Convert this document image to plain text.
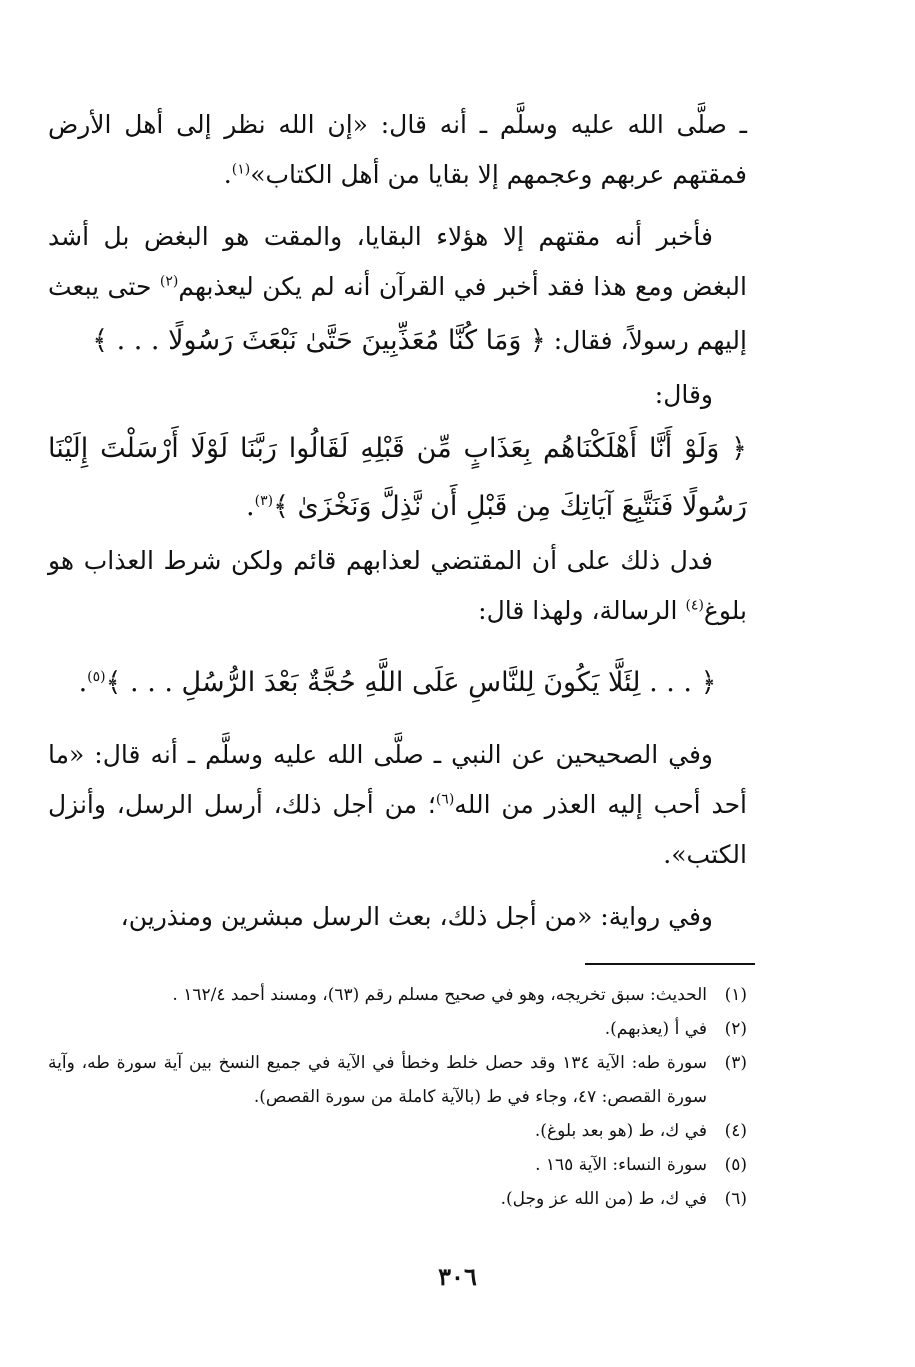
ـ صلَّى الله عليه وسلَّم ـ أنه قال: «إن الله نظر إلى أهل الأرض فمقتهم عربهم وعجمهم إلا بقايا من أهل الكتاب»$^{(١)}$.

فأخبر أنه مقتهم إلا هؤلاء البقايا، والمقت هو البغض بل أشد البغض ومع هذا فقد أخبر في القرآن أنه لم يكن ليعذبهم$^{(٢)}$ حتى يبعث إليهم رسولاً، فقال: ﴿ وَمَا كُنَّا مُعَذِّبِينَ حَتَّىٰ نَبْعَثَ رَسُولًا . . . ﴾

وقال:

﴿ وَلَوْ أَنَّا أَهْلَكْنَاهُم بِعَذَابٍ مِّن قَبْلِهِ لَقَالُوا رَبَّنَا لَوْلَا أَرْسَلْتَ إِلَيْنَا رَسُولًا فَنَتَّبِعَ آيَاتِكَ مِن قَبْلِ أَن نَّذِلَّ وَنَخْزَىٰ ﴾$^{(٣)}$.

فدل ذلك على أن المقتضي لعذابهم قائم ولكن شرط العذاب هو بلوغ$^{(٤)}$ الرسالة، ولهذا قال:

﴿ . . . لِئَلَّا يَكُونَ لِلنَّاسِ عَلَى اللَّهِ حُجَّةٌ بَعْدَ الرُّسُلِ . . . ﴾$^{(٥)}$.

وفي الصحيحين عن النبي ـ صلَّى الله عليه وسلَّم ـ أنه قال: «ما أحد أحب إليه العذر من الله$^{(٦)}$؛ من أجل ذلك، أرسل الرسل، وأنزل الكتب».

وفي رواية: «من أجل ذلك، بعث الرسل مبشرين ومنذرين،

(١)
الحديث: سبق تخريجه، وهو في صحيح مسلم رقم (٦٣)، ومسند أحمد ١٦٢/٤ .
(٢)
في أ (يعذبهم).
(٣)
سورة طه: الآية ١٣٤ وقد حصل خلط وخطأ في الآية في جميع النسخ بين آية سورة طه، وآية سورة القصص: ٤٧، وجاء في ط (بالآية كاملة من سورة القصص).
(٤)
في ك، ط (هو بعد بلوغ).
(٥)
سورة النساء: الآية ١٦٥ .
(٦)
في ك، ط (من الله عز وجل).
٣٠٦
